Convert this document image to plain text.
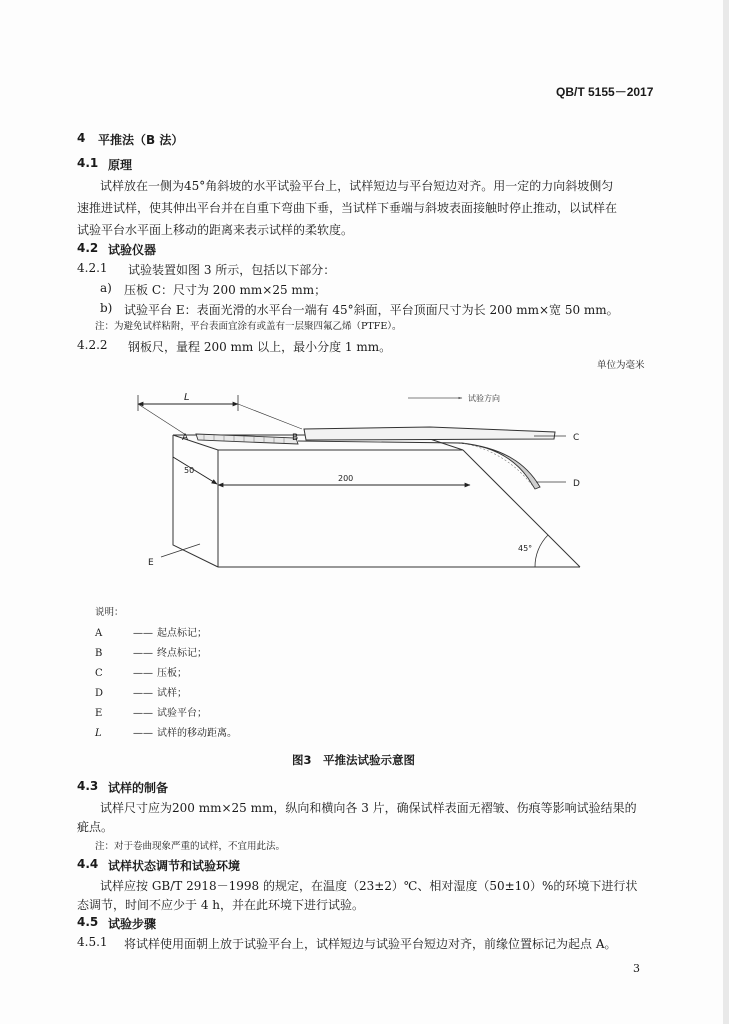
QB/T 5155－2017
4 平推法（B 法）
4.1 原理
试样放在一侧为45°角斜坡的水平试验平台上，试样短边与平台短边对齐。用一定的力向斜坡侧匀
速推进试样，使其伸出平台并在自重下弯曲下垂，当试样下垂端与斜坡表面接触时停止推动，以试样在
试验平台水平面上移动的距离来表示试样的柔软度。
4.2 试验仪器
4.2.1 试验装置如图 3 所示，包括以下部分：
a) 压板 C：尺寸为 200 mm×25 mm；
b) 试验平台 E：表面光滑的水平台一端有 45°斜面，平台顶面尺寸为长 200 mm×宽 50 mm。
注：为避免试样粘附，平台表面宜涂有或盖有一层聚四氟乙烯（PTFE）。
4.2.2 钢板尺，量程 200 mm 以上，最小分度 1 mm。
单位为毫米
试验方向
L
50
200
A	B	C
D
E
45°
说明：
A	—— 起点标记；
B	—— 终点标记；
C	—— 压板；
D	—— 试样；
E	—— 试验平台；
L	—— 试样的移动距离。
图3　平推法试验示意图
4.3 试样的制备
试样尺寸应为200 mm×25 mm，纵向和横向各 3 片，确保试样表面无褶皱、伤痕等影响试验结果的
疵点。
注：对于卷曲现象严重的试样，不宜用此法。
4.4 试样状态调节和试验环境
试样应按 GB/T 2918－1998 的规定，在温度（23±2）℃、相对湿度（50±10）%的环境下进行状
态调节，时间不应少于 4 h，并在此环境下进行试验。
4.5 试验步骤
4.5.1 将试样使用面朝上放于试验平台上，试样短边与试验平台短边对齐，前缘位置标记为起点 A。
3
